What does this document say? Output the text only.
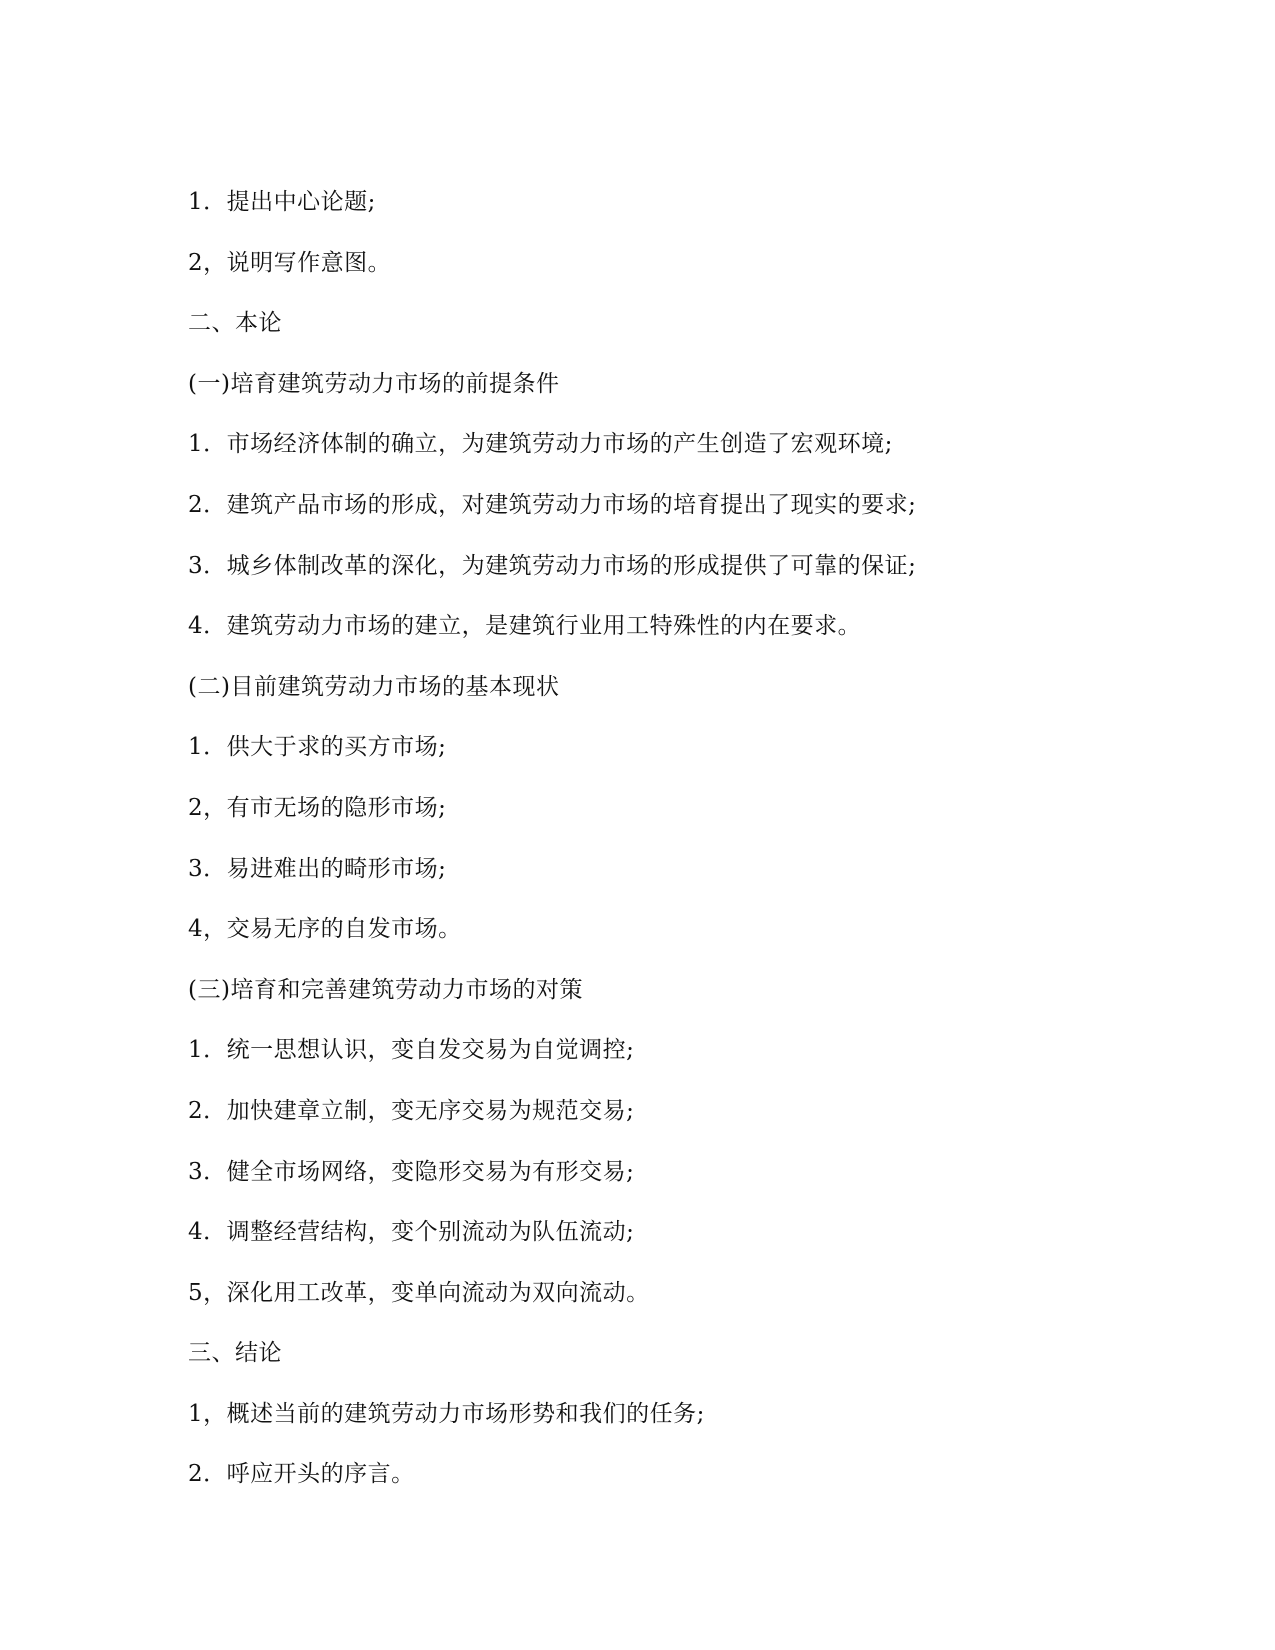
1．提出中心论题;
2，说明写作意图。
二、本论
(一)培育建筑劳动力市场的前提条件
1．市场经济体制的确立，为建筑劳动力市场的产生创造了宏观环境;
2．建筑产品市场的形成，对建筑劳动力市场的培育提出了现实的要求;
3．城乡体制改革的深化，为建筑劳动力市场的形成提供了可靠的保证;
4．建筑劳动力市场的建立，是建筑行业用工特殊性的内在要求。
(二)目前建筑劳动力市场的基本现状
1．供大于求的买方市场;
2，有市无场的隐形市场;
3．易进难出的畸形市场;
4，交易无序的自发市场。
(三)培育和完善建筑劳动力市场的对策
1．统一思想认识，变自发交易为自觉调控;
2．加快建章立制，变无序交易为规范交易;
3．健全市场网络，变隐形交易为有形交易;
4．调整经营结构，变个别流动为队伍流动;
5，深化用工改革，变单向流动为双向流动。
三、结论
1，概述当前的建筑劳动力市场形势和我们的任务;
2．呼应开头的序言。
